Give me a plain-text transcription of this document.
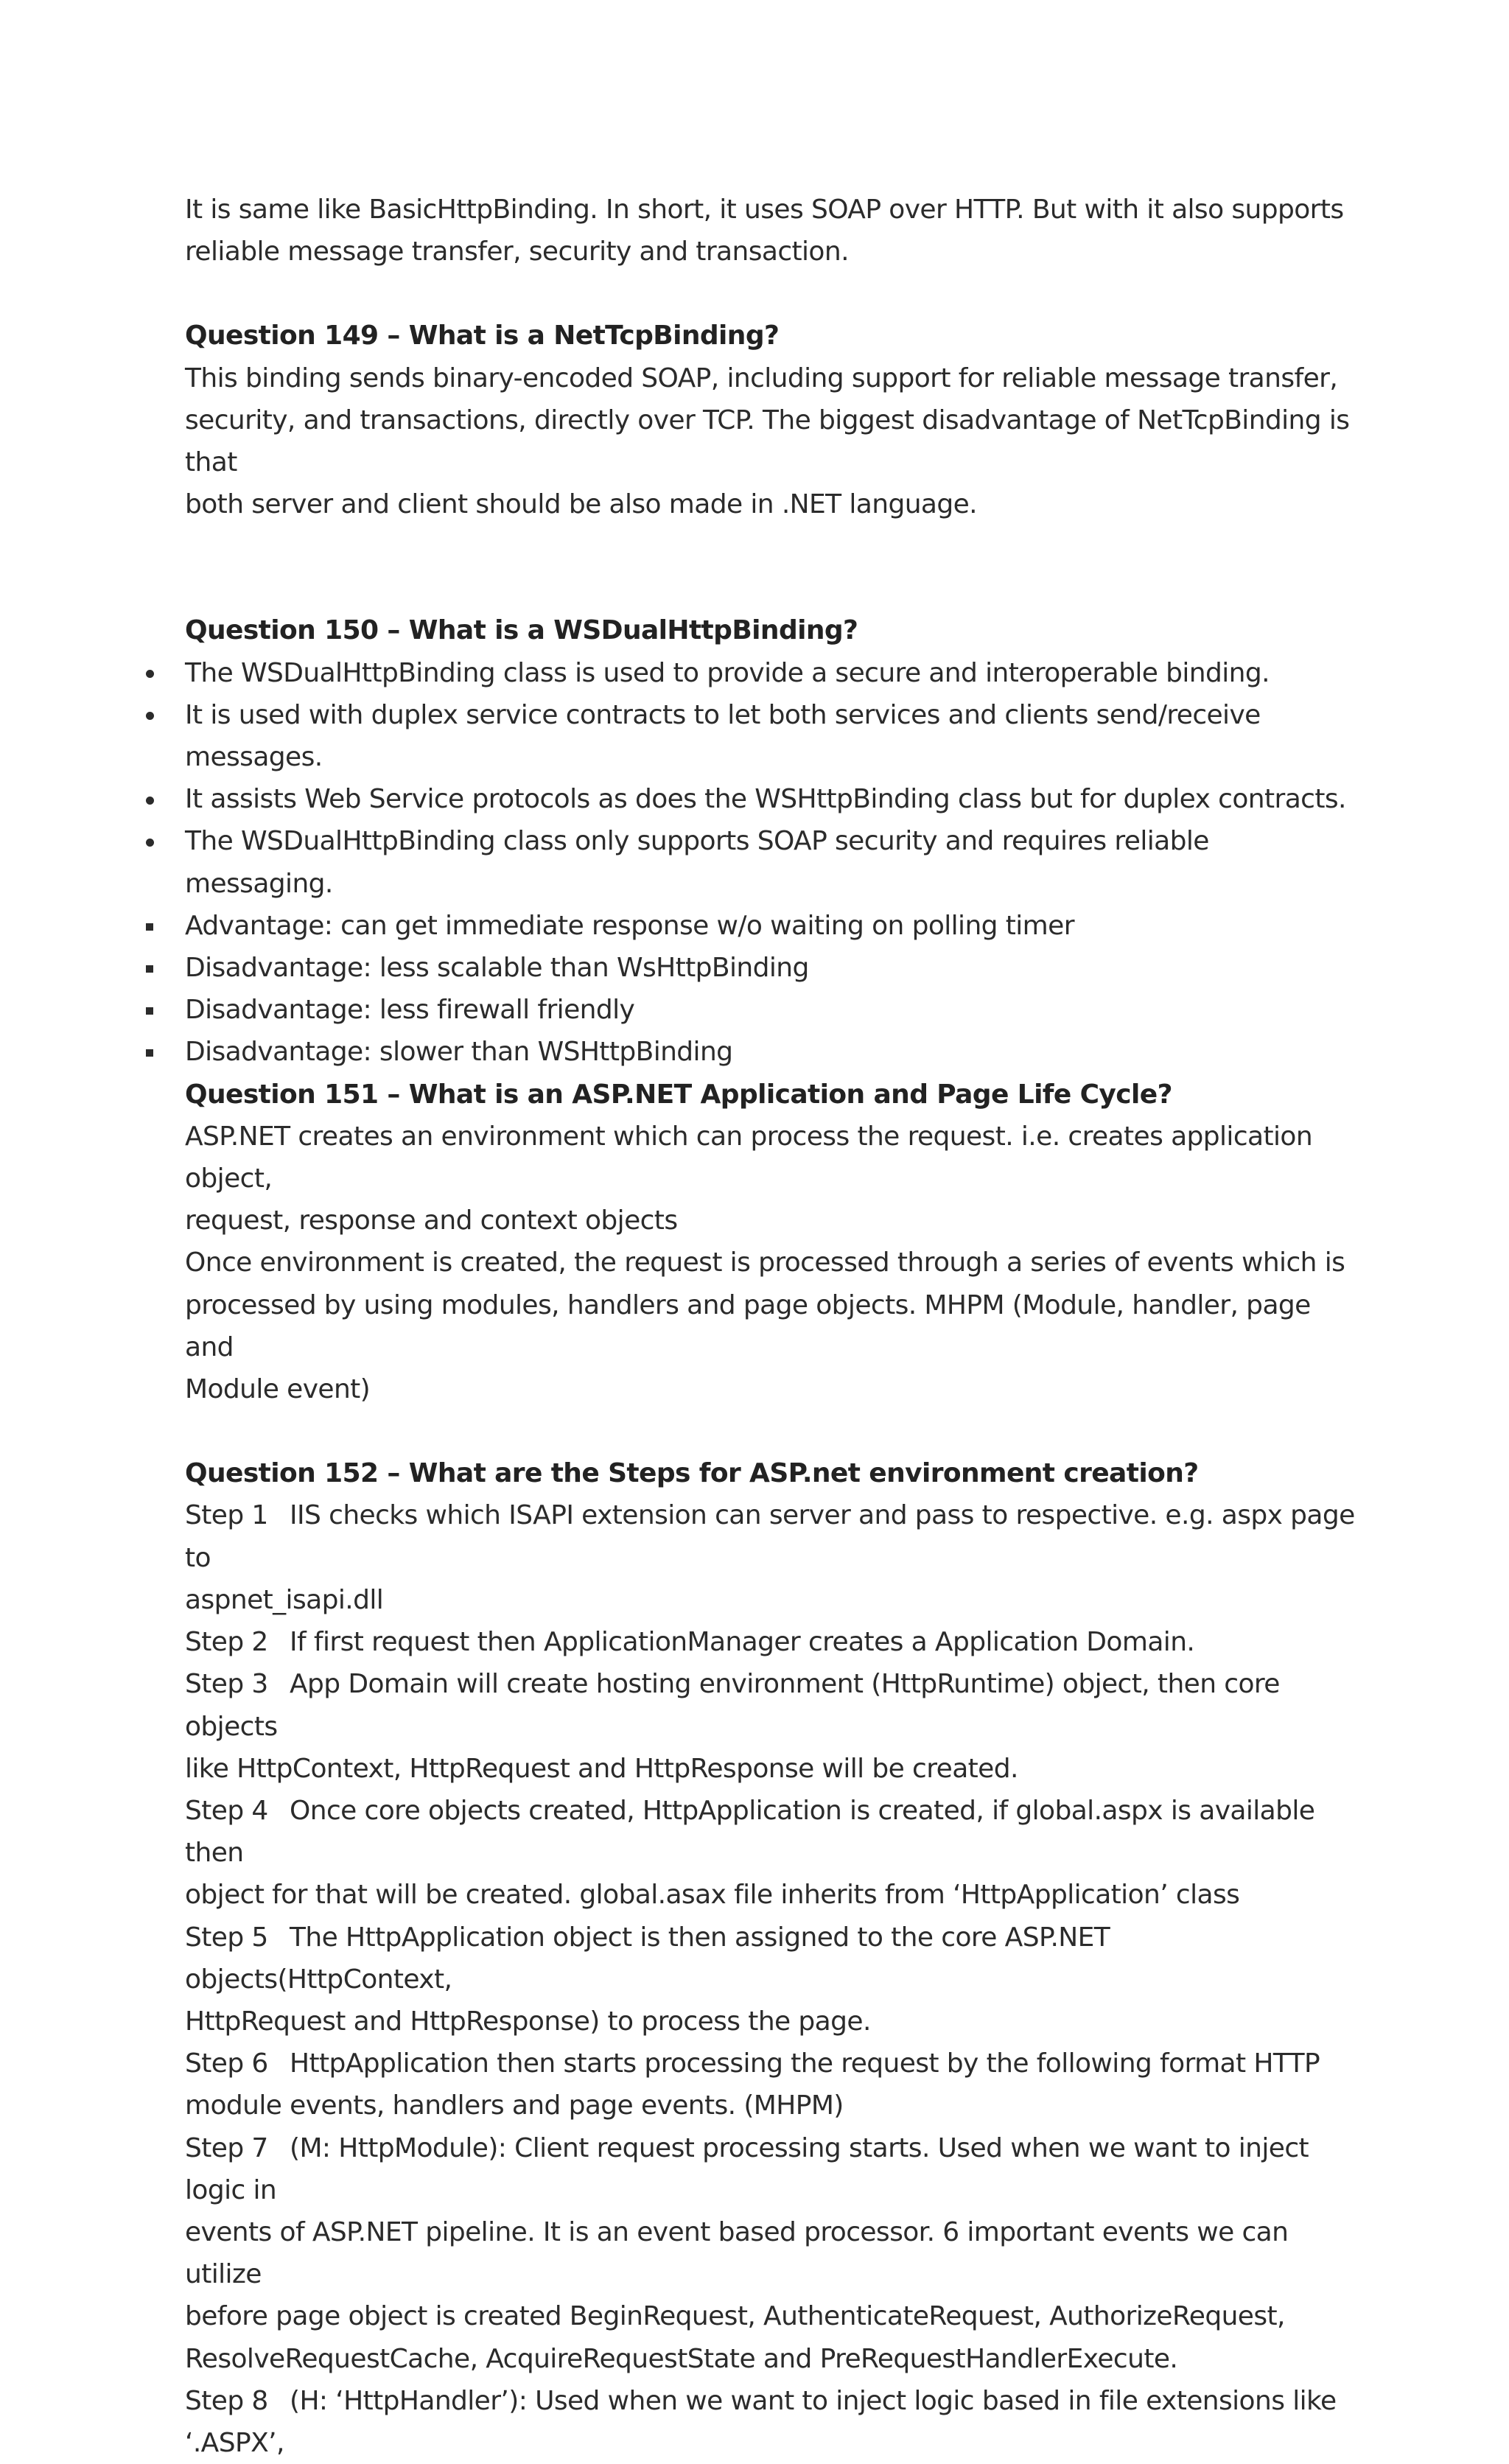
It is same like BasicHttpBinding. In short, it uses SOAP over HTTP. But with it also supports

reliable message transfer, security and transaction.

Question 149 – What is a NetTcpBinding?

This binding sends binary-encoded SOAP, including support for reliable message transfer,

security, and transactions, directly over TCP. The biggest disadvantage of NetTcpBinding is that

both server and client should be also made in .NET language.

Question 150 – What is a WSDualHttpBinding?

The WSDualHttpBinding class is used to provide a secure and interoperable binding.
It is used with duplex service contracts to let both services and clients send/receive messages.
It assists Web Service protocols as does the WSHttpBinding class but for duplex contracts.
The WSDualHttpBinding class only supports SOAP security and requires reliable messaging.
Advantage: can get immediate response w/o waiting on polling timer
Disadvantage: less scalable than WsHttpBinding
Disadvantage: less firewall friendly
Disadvantage: slower than WSHttpBinding

Question 151 – What is an ASP.NET Application and Page Life Cycle?

ASP.NET creates an environment which can process the request. i.e. creates application object,

request, response and context objects

Once environment is created, the request is processed through a series of events which is

processed by using modules, handlers and page objects. MHPM (Module, handler, page and

Module event)

Question 152 – What are the Steps for ASP.net environment creation?

Step 1 IIS checks which ISAPI extension can server and pass to respective. e.g. aspx page to

aspnet_isapi.dll

Step 2 If first request then ApplicationManager creates a Application Domain.

Step 3 App Domain will create hosting environment (HttpRuntime) object, then core objects

like HttpContext, HttpRequest and HttpResponse will be created.

Step 4 Once core objects created, HttpApplication is created, if global.aspx is available then

object for that will be created. global.asax file inherits from ‘HttpApplication’ class

Step 5 The HttpApplication object is then assigned to the core ASP.NET objects(HttpContext,

HttpRequest and HttpResponse) to process the page.

Step 6 HttpApplication then starts processing the request by the following format HTTP

module events, handlers and page events. (MHPM)

Step 7 (M: HttpModule): Client request processing starts. Used when we want to inject logic in

events of ASP.NET pipeline. It is an event based processor. 6 important events we can utilize

before page object is created BeginRequest, AuthenticateRequest, AuthorizeRequest,

ResolveRequestCache, AcquireRequestState and PreRequestHandlerExecute.

Step 8 (H: ‘HttpHandler’): Used when we want to inject logic based in file extensions like ‘.ASPX’,
